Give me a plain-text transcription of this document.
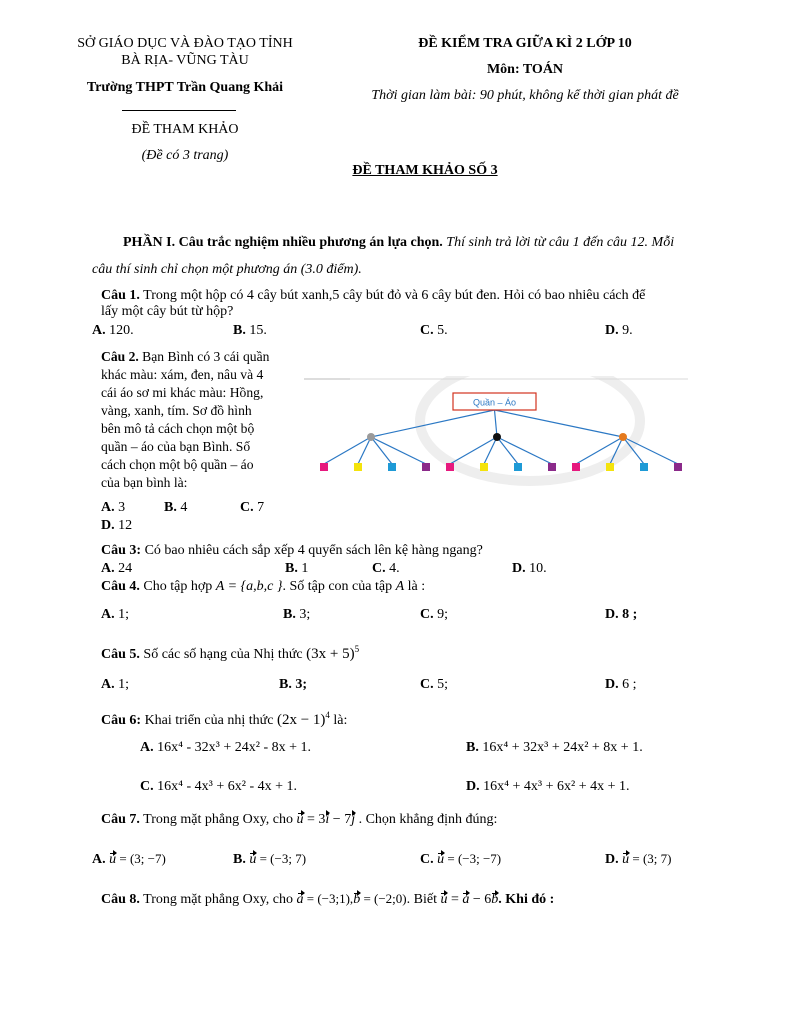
SỞ GIÁO DỤC VÀ ĐÀO TẠO TỈNH
BÀ RỊA- VŨNG TÀU
Trường THPT Trần Quang Khải
ĐỀ THAM KHẢO
(Đề có 3 trang)
ĐỀ KIỂM TRA GIỮA KÌ 2 LỚP 10
Môn: TOÁN
Thời gian làm bài: 90 phút, không kể thời gian phát đề
ĐỀ THAM KHẢO SỐ 3
PHẦN I. Câu trắc nghiệm nhiều phương án lựa chọn. Thí sinh trả lời từ câu 1 đến câu 12. Mỗi
câu thí sinh chỉ chọn một phương án (3.0 điểm).
Câu 1. Trong một hộp có 4 cây bút xanh,5 cây bút đỏ và 6 cây bút đen. Hỏi có bao nhiêu cách để
lấy một cây bút từ hộp?
A. 120.	B. 15.	C. 5.	D. 9.
Câu 2. Bạn Bình có 3 cái quần
khác màu: xám, đen, nâu và 4
cái áo sơ mi khác màu: Hồng,
vàng, xanh, tím. Sơ đồ hình
bên mô tả cách chọn một bộ
quần – áo của bạn Bình. Số
cách chọn một bộ quần – áo
của bạn bình là:
Quần – Áo
A. 3	B. 4	C. 7
D. 12
Câu 3: Có bao nhiêu cách sắp xếp 4 quyển sách lên kệ hàng ngang?
A. 24	B. 1	C. 4.	D. 10.
Câu 4. Cho tập hợp A = {a,b,c }. Số tập con của tập A là :
A. 1;	B. 3;	C. 9;	D. 8 ;
Câu 5. Số các số hạng của Nhị thức $(3x + 5)^5$
A. 1;	B. 3;	C. 5;	D. 6 ;
Câu 6: Khai triển của nhị thức $(2x - 1)^4$ là:
A. 16x⁴ - 32x³ + 24x² - 8x + 1.	B. 16x⁴ + 32x³ + 24x² + 8x + 1.
C. 16x⁴ - 4x³ + 6x² - 4x + 1.	D. 16x⁴ + 4x³ + 6x² + 4x + 1.
Câu 7. Trong mặt phẳng Oxy, cho u = 3i − 7j . Chọn khẳng định đúng:
A. u = (3; −7)	B. u = (−3; 7)	C. u = (−3; −7)	D. u = (3; 7)
Câu 8. Trong mặt phẳng Oxy, cho a = (−3;1),b = (−2;0). Biết u = a − 6b. Khi đó :
